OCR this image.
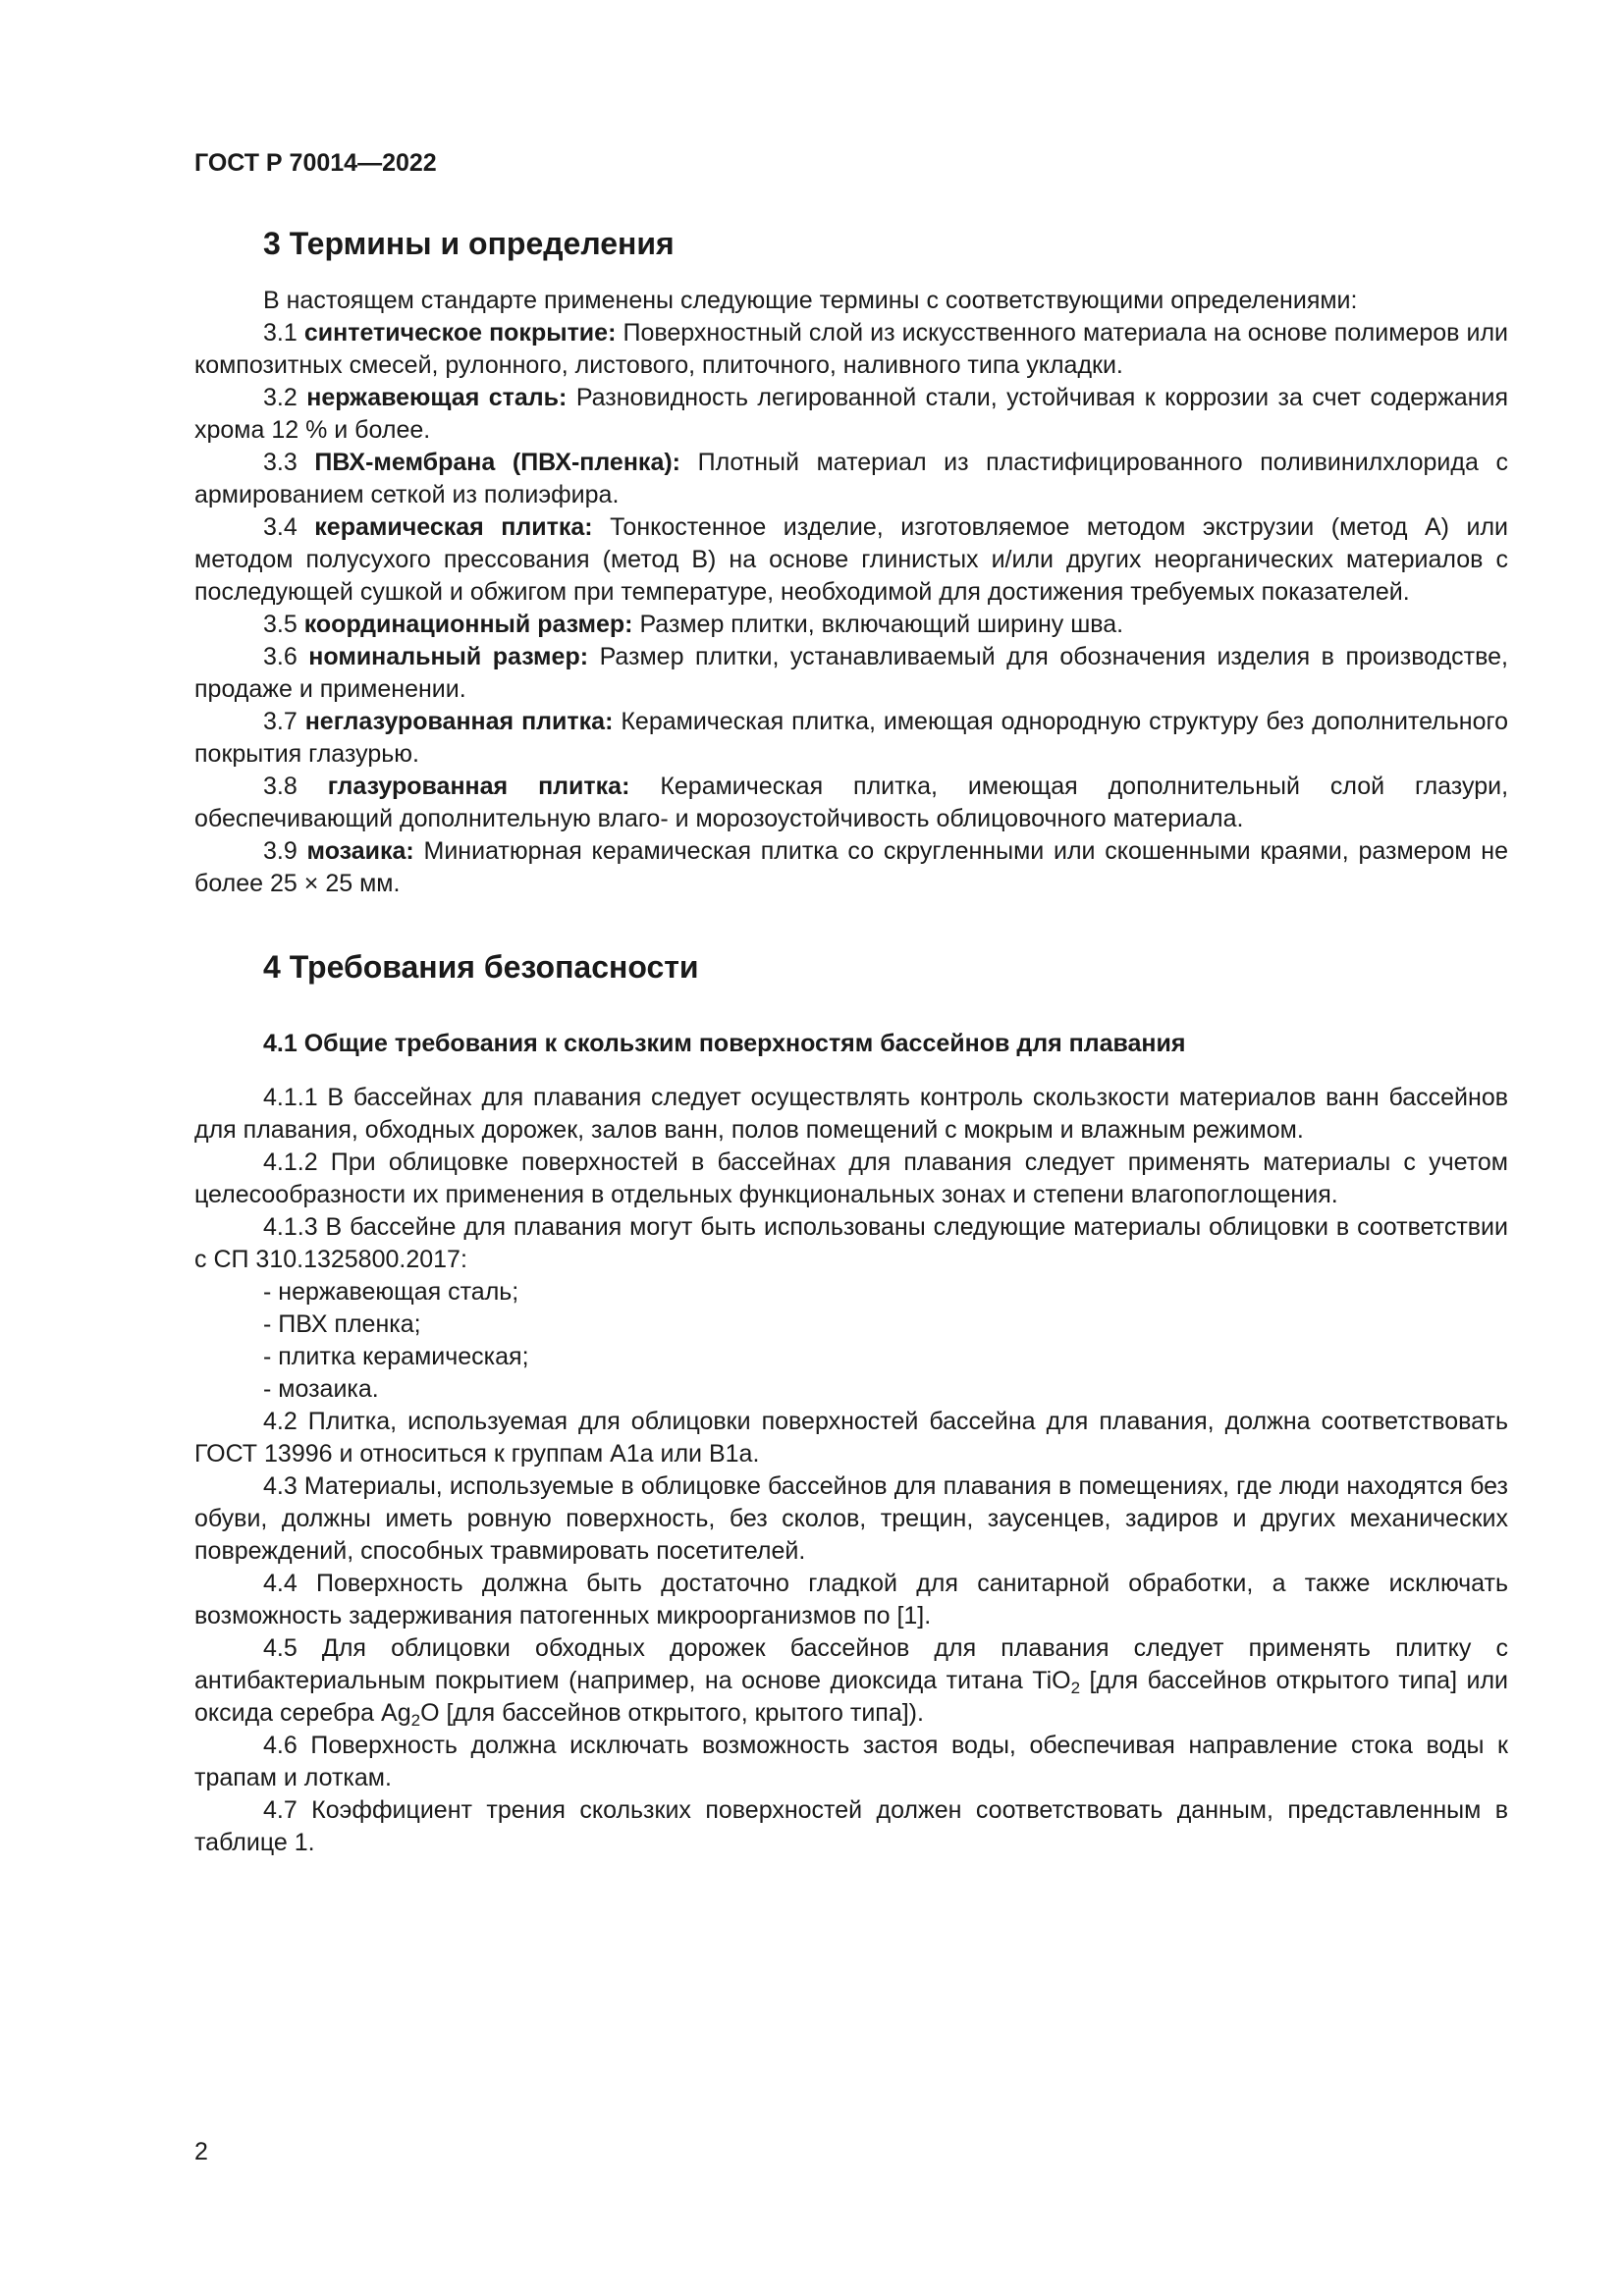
ГОСТ Р 70014—2022
3 Термины и определения

В настоящем стандарте применены следующие термины с соответствующими определениями:

3.1 синтетическое покрытие: Поверхностный слой из искусственного материала на основе полимеров или композитных смесей, рулонного, листового, плиточного, наливного типа укладки.

3.2 нержавеющая сталь: Разновидность легированной стали, устойчивая к коррозии за счет содержания хрома 12 % и более.

3.3 ПВХ-мембрана (ПВХ-пленка): Плотный материал из пластифицированного поливинилхлорида с армированием сеткой из полиэфира.

3.4 керамическая плитка: Тонкостенное изделие, изготовляемое методом экструзии (метод А) или методом полусухого прессования (метод В) на основе глинистых и/или других неорганических материалов с последующей сушкой и обжигом при температуре, необходимой для достижения требуемых показателей.

3.5 координационный размер: Размер плитки, включающий ширину шва.

3.6 номинальный размер: Размер плитки, устанавливаемый для обозначения изделия в производстве, продаже и применении.

3.7 неглазурованная плитка: Керамическая плитка, имеющая однородную структуру без дополнительного покрытия глазурью.

3.8 глазурованная плитка: Керамическая плитка, имеющая дополнительный слой глазури, обеспечивающий дополнительную влаго- и морозоустойчивость облицовочного материала.

3.9 мозаика: Миниатюрная керамическая плитка со скругленными или скошенными краями, размером не более 25 × 25 мм.

4 Требования безопасности
4.1 Общие требования к скользким поверхностям бассейнов для плавания

4.1.1 В бассейнах для плавания следует осуществлять контроль скользкости материалов ванн бассейнов для плавания, обходных дорожек, залов ванн, полов помещений с мокрым и влажным режимом.

4.1.2 При облицовке поверхностей в бассейнах для плавания следует применять материалы с учетом целесообразности их применения в отдельных функциональных зонах и степени влагопоглощения.

4.1.3 В бассейне для плавания могут быть использованы следующие материалы облицовки в соответствии с СП 310.1325800.2017:

- нержавеющая сталь;
- ПВХ пленка;
- плитка керамическая;
- мозаика.

4.2 Плитка, используемая для облицовки поверхностей бассейна для плавания, должна соответствовать ГОСТ 13996 и относиться к группам А1а или В1а.

4.3 Материалы, используемые в облицовке бассейнов для плавания в помещениях, где люди находятся без обуви, должны иметь ровную поверхность, без сколов, трещин, заусенцев, задиров и других механических повреждений, способных травмировать посетителей.

4.4 Поверхность должна быть достаточно гладкой для санитарной обработки, а также исключать возможность задерживания патогенных микроорганизмов по [1].

4.5 Для облицовки обходных дорожек бассейнов для плавания следует применять плитку с антибактериальным покрытием (например, на основе диоксида титана TiO$_2$ [для бассейнов открытого типа] или оксида серебра $Ag_2O$ [для бассейнов открытого, крытого типа]).

4.6 Поверхность должна исключать возможность застоя воды, обеспечивая направление стока воды к трапам и лоткам.

4.7 Коэффициент трения скользких поверхностей должен соответствовать данным, представленным в таблице 1.

2
